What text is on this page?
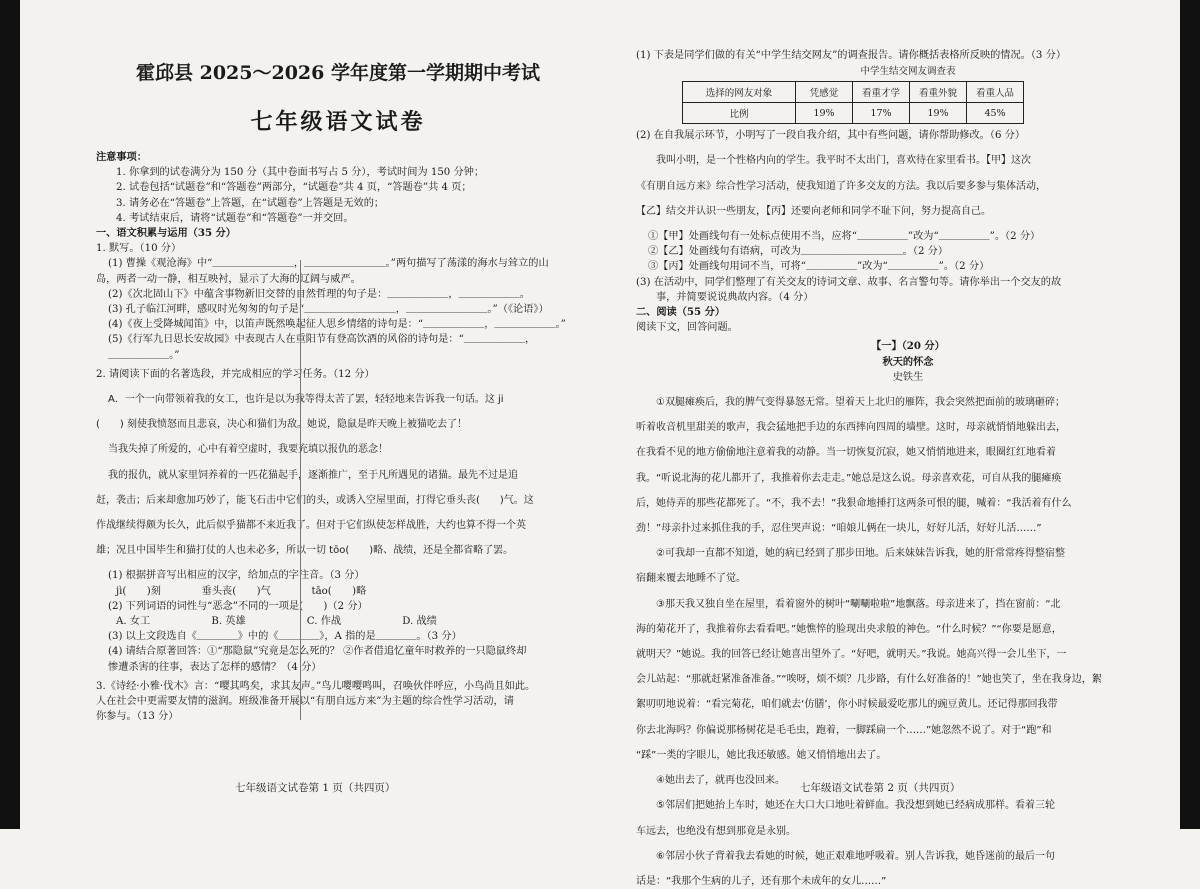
霍邱县 2025～2026 学年度第一学期期中考试

七年级语文试卷

注意事项：

1. 你拿到的试卷满分为 150 分（其中卷面书写占 5 分），考试时间为 150 分钟；

2. 试卷包括“试题卷”和“答题卷”两部分，“试题卷”共 4 页，“答题卷”共 4 页；

3. 请务必在“答题卷”上答题，在“试题卷”上答题是无效的；

4. 考试结束后，请将“试题卷”和“答题卷”一并交回。

一、语文积累与运用（35 分）

1. 默写。（10 分）

(1) 曹操《观沧海》中“＿＿＿＿＿＿＿＿，＿＿＿＿＿＿＿＿。”两句描写了荡漾的海水与耸立的山

岛，两者一动一静，相互映衬，显示了大海的辽阔与威严。

(2)《次北固山下》中蕴含事物新旧交替的自然哲理的句子是：＿＿＿＿＿＿，＿＿＿＿＿＿。

(3) 孔子临江河畔，感叹时光匆匆的句子是“＿＿＿＿＿＿＿＿＿，＿＿＿＿＿＿＿＿。”（《论语》）

(4)《夜上受降城闻笛》中，以笛声既然唤起征人思乡情绪的诗句是：“＿＿＿＿＿＿，＿＿＿＿＿＿。”

(5)《行军九日思长安故园》中表现古人在重阳节有登高饮酒的风俗的诗句是：“＿＿＿＿＿＿，

＿＿＿＿＿＿。”

2. 请阅读下面的名著选段，并完成相应的学习任务。（12 分）

A．一个一向带领着我的女工，也许是以为我等得太苦了罢，轻轻地来告诉我一句话。这 ji

(　　) 刻使我愤怒而且悲哀，决心和猫们为敌。她说，隐鼠是昨天晚上被猫吃去了！

当我失掉了所爱的，心中有着空虚时，我要充填以报仇的恶念！

我的报仇，就从家里饲养着的一匹花猫起手，逐渐推广，至于凡所遇见的诸猫。最先不过是追

赶，袭击；后来却愈加巧妙了，能飞石击中它们的头，或诱入空屋里面，打得它垂头丧(　　)气。这

作战继续得颇为长久，此后似乎猫都不来近我了。但对于它们纵使怎样战胜，大约也算不得一个英

雄；况且中国毕生和猫打仗的人也未必多，所以一切 tōo(　　)略、战绩，还是全都省略了罢。

(1) 根据拼音写出相应的汉字，给加点的字注音。（3 分）

jì(　　)刻　　　　垂头丧(　　)气　　　　tāo(　　)略

(2) 下列词语的词性与“恶念”不同的一项是(　　)（2 分）

A. 女工　　　　　　B. 英雄　　　　　　C. 作战　　　　　　D. 战绩

(3) 以上文段选自《＿＿＿＿》中的《＿＿＿＿》，A 指的是＿＿＿＿。（3 分）

(4) 请结合原著回答：①“那隐鼠”究竟是怎么死的？ ②作者借追忆童年时救养的一只隐鼠终却

惨遭杀害的往事，表达了怎样的感情？（4 分）

3.《诗经·小雅·伐木》言：“嘤其鸣矣，求其友声。”鸟儿嘤嘤鸣叫，召唤伙伴呼应，小鸟尚且如此。

人在社会中更需要友情的滋润。班级准备开展以“有朋自远方来”为主题的综合性学习活动，请

你参与。（13 分）

七年级语文试卷第 1 页（共四页）

(1) 下表是同学们做的有关“中学生结交网友”的调查报告。请你概括表格所反映的情况。（3 分）

中学生结交网友调查表

选择的网友对象	凭感觉	看重才学	看重外貌	看重人品
比例	19%	17%	19%	45%

(2) 在自我展示环节，小明写了一段自我介绍，其中有些问题，请你帮助修改。（6 分）

我叫小明，是一个性格内向的学生。我平时不太出门，喜欢待在家里看书。【甲】这次

《有朋自远方来》综合性学习活动，使我知道了许多交友的方法。我以后要多参与集体活动，

【乙】结交并认识一些朋友，【丙】还要向老师和同学不耻下问，努力提高自己。

①【甲】处画线句有一处标点使用不当，应将“＿＿＿＿＿”改为“＿＿＿＿＿”。（2 分）

②【乙】处画线句有语病，可改为＿＿＿＿＿＿＿＿＿＿。（2 分）

③【丙】处画线句用词不当，可将“＿＿＿＿＿”改为“＿＿＿＿＿”。（2 分）

(3) 在活动中，同学们整理了有关交友的诗词文章、故事、名言警句等。请你举出一个交友的故

事，并简要说说典故内容。（4 分）

二、阅读（55 分）

阅读下文，回答问题。

【一】（20 分）

秋天的怀念

史铁生

①双腿瘫痪后，我的脾气变得暴怒无常。望着天上北归的雁阵，我会突然把面前的玻璃砸碎；

听着收音机里甜美的歌声，我会猛地把手边的东西摔向四周的墙壁。这时，母亲就悄悄地躲出去，

在我看不见的地方偷偷地注意着我的动静。当一切恢复沉寂，她又悄悄地进来，眼圈红红地看着

我。“听说北海的花儿都开了，我推着你去走走。”她总是这么说。母亲喜欢花，可自从我的腿瘫痪

后，她侍弄的那些花都死了。“不，我不去！”我狠命地捶打这两条可恨的腿，喊着：“我活着有什么

劲！”母亲扑过来抓住我的手，忍住哭声说：“咱娘儿俩在一块儿，好好儿活，好好儿活……”

②可我却一直都不知道，她的病已经到了那步田地。后来妹妹告诉我，她的肝常常疼得整宿整

宿翻来覆去地睡不了觉。

③那天我又独自坐在屋里，看着窗外的树叶“唰唰啦啦”地飘落。母亲进来了，挡在窗前：“北

海的菊花开了，我推着你去看看吧。”她憔悴的脸现出央求般的神色。“什么时候？”“你要是愿意，

就明天？”她说。我的回答已经让她喜出望外了。“好吧，就明天。”我说。她高兴得一会儿坐下，一

会儿站起：“那就赶紧准备准备。”“唉呀，烦不烦？几步路，有什么好准备的！”她也笑了，坐在我身边，絮

絮叨叨地说着：“看完菊花，咱们就去‘仿膳’，你小时候最爱吃那儿的豌豆黄儿。还记得那回我带

你去北海吗？你偏说那杨树花是毛毛虫，跑着，一脚踩扁一个……”她忽然不说了。对于“跑”和

“踩”一类的字眼儿，她比我还敏感。她又悄悄地出去了。

④她出去了，就再也没回来。

⑤邻居们把她抬上车时，她还在大口大口地吐着鲜血。我没想到她已经病成那样。看着三轮

车远去，也绝没有想到那竟是永别。

⑥邻居小伙子背着我去看她的时候，她正艰难地呼吸着。别人告诉我，她昏迷前的最后一句

话是：“我那个生病的儿子，还有那个未成年的女儿……”

七年级语文试卷第 2 页（共四页）
